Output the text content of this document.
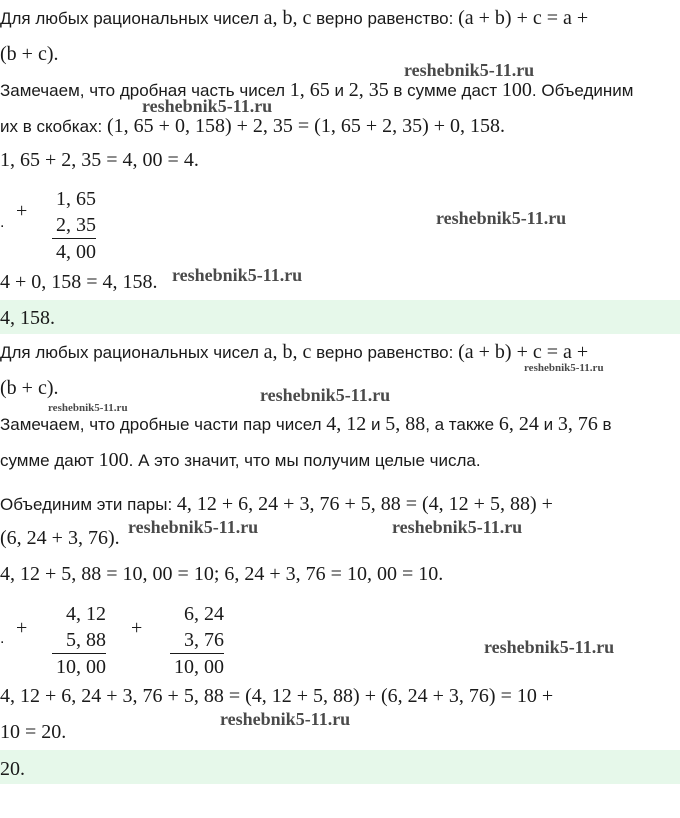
Для любых рациональных чисел a, b, c верно равенство: (a + b) + c = a +
(b + c).
Замечаем, что дробная часть чисел 1, 65 и 2, 35 в сумме даст 100. Объединим
их в скобках: (1, 65 + 0, 158) + 2, 35 = (1, 65 + 2, 35) + 0, 158.
1, 65 + 2, 35 = 4, 00 = 4.
.
+
1, 65
2, 35
4, 00
4 + 0, 158 = 4, 158.
4, 158.
Для любых рациональных чисел a, b, c верно равенство: (a + b) + c = a +
(b + c).
Замечаем, что дробные части пар чисел 4, 12 и 5, 88, а также 6, 24 и 3, 76 в
сумме дают 100. А это значит, что мы получим целые числа.
Объединим эти пары: 4, 12 + 6, 24 + 3, 76 + 5, 88 = (4, 12 + 5, 88) +
(6, 24 + 3, 76).
4, 12 + 5, 88 = 10, 00 = 10; 6, 24 + 3, 76 = 10, 00 = 10.
. +
4, 12
5, 88
10, 00
+
6, 24
3, 76
10, 00
4, 12 + 6, 24 + 3, 76 + 5, 88 = (4, 12 + 5, 88) + (6, 24 + 3, 76) = 10 +
10 = 20.
20.
reshebnik5-11.ru
reshebnik5-11.ru
reshebnik5-11.ru
reshebnik5-11.ru
reshebnik5-11.ru
reshebnik5-11.ru
reshebnik5-11.ru
reshebnik5-11.ru	reshebnik5-11.ru
reshebnik5-11.ru
reshebnik5-11.ru
